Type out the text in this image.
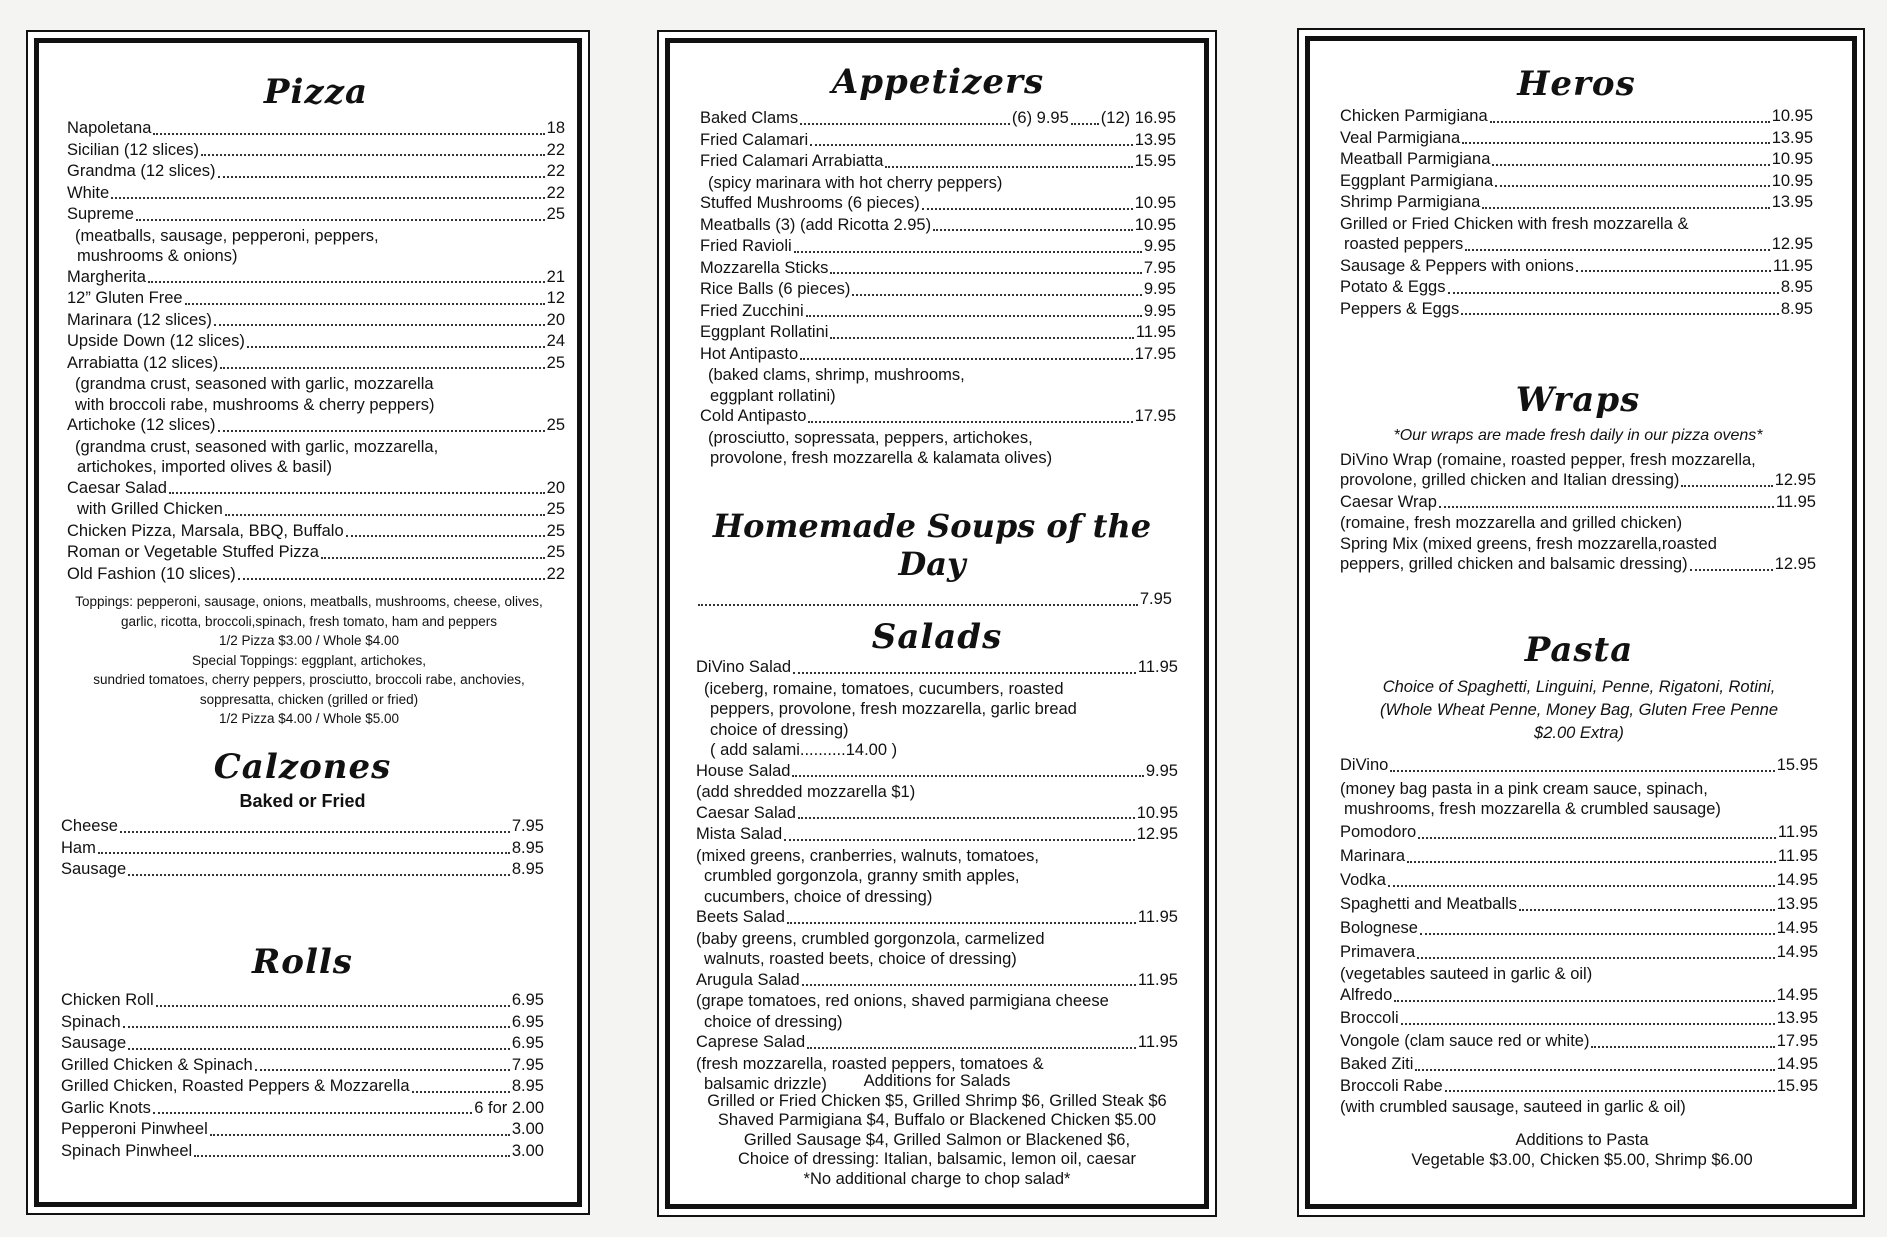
Pizza
Napoletana	18
Sicilian (12 slices)	22
Grandma (12 slices)	22
White	22
Supreme	25
(meatballs, sausage, pepperoni, peppers,
mushrooms & onions)
Margherita	21
12” Gluten Free	12
Marinara (12 slices)	20
Upside Down (12 slices)	24
Arrabiatta (12 slices)	25
(grandma crust, seasoned with garlic, mozzarella
with broccoli rabe, mushrooms & cherry peppers)
Artichoke (12 slices)	25
(grandma crust, seasoned with garlic, mozzarella,
artichokes, imported olives & basil)
Caesar Salad	20
with Grilled Chicken	25
Chicken Pizza, Marsala, BBQ, Buffalo	25
Roman or Vegetable Stuffed Pizza	25
Old Fashion (10 slices)	22
Toppings: pepperoni, sausage, onions, meatballs, mushrooms, cheese, olives,
garlic, ricotta, broccoli,spinach, fresh tomato, ham and peppers
1/2 Pizza $3.00 / Whole $4.00
Special Toppings: eggplant, artichokes,
sundried tomatoes, cherry peppers, prosciutto, broccoli rabe, anchovies,
soppresatta, chicken (grilled or fried)
1/2 Pizza $4.00 / Whole $5.00
Calzones
Baked or Fried
Cheese	7.95
Ham	8.95
Sausage	8.95
Rolls
Chicken Roll	6.95
Spinach	6.95
Sausage	6.95
Grilled Chicken & Spinach	7.95
Grilled Chicken, Roasted Peppers & Mozzarella	8.95
Garlic Knots	6 for 2.00
Pepperoni Pinwheel	3.00
Spinach Pinwheel	3.00
Appetizers
Baked Clams	(6) 9.95 (12) 16.95
Fried Calamari	13.95
Fried Calamari Arrabiatta	15.95
(spicy marinara with hot cherry peppers)
Stuffed Mushrooms (6 pieces)	10.95
Meatballs (3) (add Ricotta 2.95)	10.95
Fried Ravioli	9.95
Mozzarella Sticks	7.95
Rice Balls (6 pieces)	9.95
Fried Zucchini	9.95
Eggplant Rollatini	11.95
Hot Antipasto	17.95
(baked clams, shrimp, mushrooms,
eggplant rollatini)
Cold Antipasto	17.95
(prosciutto, sopressata, peppers, artichokes,
provolone, fresh mozzarella & kalamata olives)
Homemade Soups of the Day
7.95
Salads
DiVino Salad	11.95
(iceberg, romaine, tomatoes, cucumbers, roasted
peppers, provolone, fresh mozzarella, garlic bread
choice of dressing)
( add salami..........14.00 )
House Salad	9.95
(add shredded mozzarella $1)
Caesar Salad	10.95
Mista Salad	12.95
(mixed greens, cranberries, walnuts, tomatoes,
crumbled gorgonzola, granny smith apples,
cucumbers, choice of dressing)
Beets Salad	11.95
(baby greens, crumbled gorgonzola, carmelized
walnuts, roasted beets, choice of dressing)
Arugula Salad	11.95
(grape tomatoes, red onions, shaved parmigiana cheese
choice of dressing)
Caprese Salad	11.95
(fresh mozzarella, roasted peppers, tomatoes &
balsamic drizzle)	Additions for Salads
Grilled or Fried Chicken $5, Grilled Shrimp $6, Grilled Steak $6
Shaved Parmigiana $4, Buffalo or Blackened Chicken $5.00
Grilled Sausage $4, Grilled Salmon or Blackened $6,
Choice of dressing: Italian, balsamic, lemon oil, caesar
*No additional charge to chop salad*
Heros
Chicken Parmigiana	10.95
Veal Parmigiana	13.95
Meatball Parmigiana	10.95
Eggplant Parmigiana	10.95
Shrimp Parmigiana	13.95
Grilled or Fried Chicken with fresh mozzarella &
roasted peppers	12.95
Sausage & Peppers with onions	11.95
Potato & Eggs	8.95
Peppers & Eggs	8.95
Wraps
*Our wraps are made fresh daily in our pizza ovens*
DiVino Wrap (romaine, roasted pepper, fresh mozzarella,
provolone, grilled chicken and Italian dressing)	12.95
Caesar Wrap	11.95
(romaine, fresh mozzarella and grilled chicken)
Spring Mix (mixed greens, fresh mozzarella,roasted
peppers, grilled chicken and balsamic dressing)	12.95
Pasta
Choice of Spaghetti, Linguini, Penne, Rigatoni, Rotini,
(Whole Wheat Penne, Money Bag, Gluten Free Penne
$2.00 Extra)
DiVino	15.95
(money bag pasta in a pink cream sauce, spinach,
mushrooms, fresh mozzarella & crumbled sausage)
Pomodoro	11.95
Marinara	11.95
Vodka	14.95
Spaghetti and Meatballs	13.95
Bolognese	14.95
Primavera	14.95
(vegetables sauteed in garlic & oil)
Alfredo	14.95
Broccoli	13.95
Vongole (clam sauce red or white)	17.95
Baked Ziti	14.95
Broccoli Rabe	15.95
(with crumbled sausage, sauteed in garlic & oil)
Additions to Pasta
Vegetable $3.00, Chicken $5.00, Shrimp $6.00
